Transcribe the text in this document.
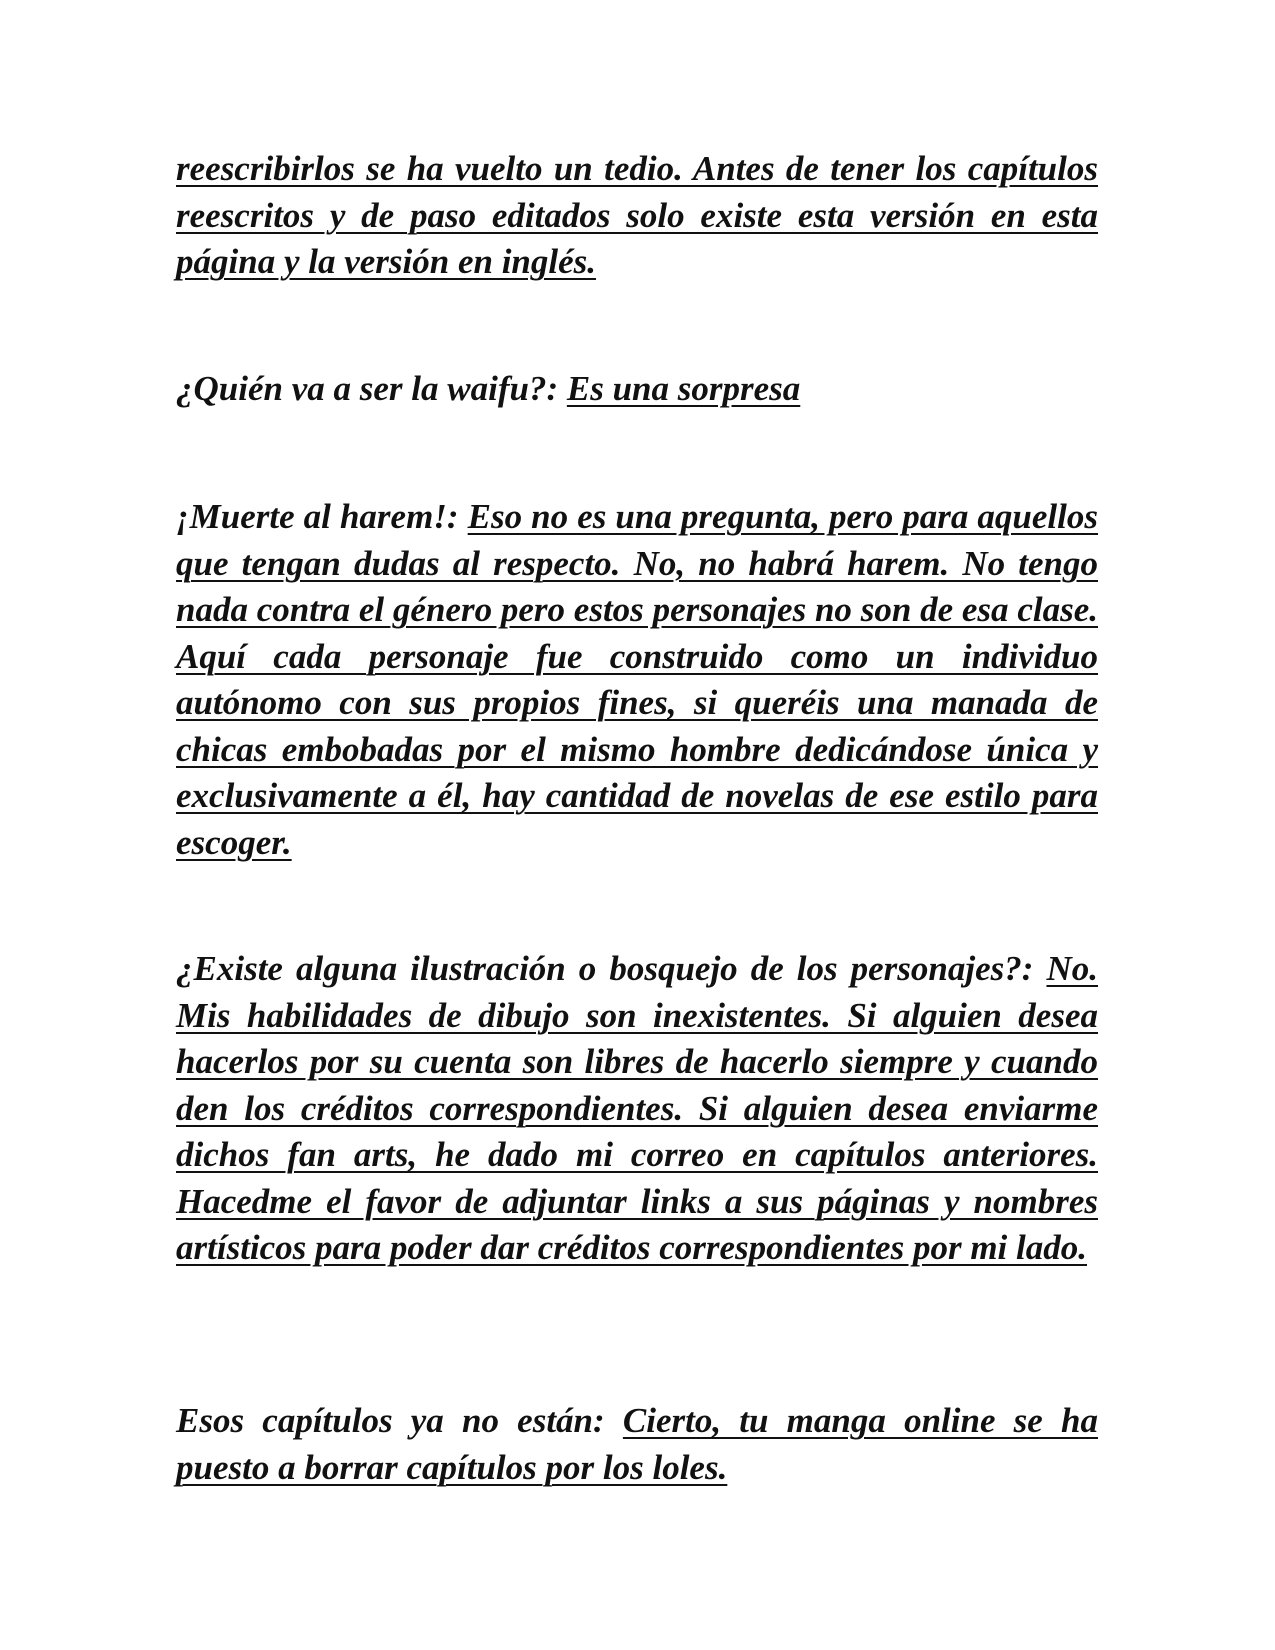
reescribirlos se ha vuelto un tedio. Antes de tener los capítulos reescritos y de paso editados solo existe esta versión en esta página y la versión en inglés.

¿Quién va a ser la waifu?: Es una sorpresa

¡Muerte al harem!: Eso no es una pregunta, pero para aquellos que tengan dudas al respecto. No, no habrá harem. No tengo nada contra el género pero estos personajes no son de esa clase. Aquí cada personaje fue construido como un individuo autónomo con sus propios fines, si queréis una manada de chicas embobadas por el mismo hombre dedicándose única y exclusivamente a él, hay cantidad de novelas de ese estilo para escoger.

¿Existe alguna ilustración o bosquejo de los personajes?: No. Mis habilidades de dibujo son inexistentes. Si alguien desea hacerlos por su cuenta son libres de hacerlo siempre y cuando den los créditos correspondientes. Si alguien desea enviarme dichos fan arts, he dado mi correo en capítulos anteriores. Hacedme el favor de adjuntar links a sus páginas y nombres artísticos para poder dar créditos correspondientes por mi lado.

Esos capítulos ya no están: Cierto, tu manga online se ha puesto a borrar capítulos por los loles.
